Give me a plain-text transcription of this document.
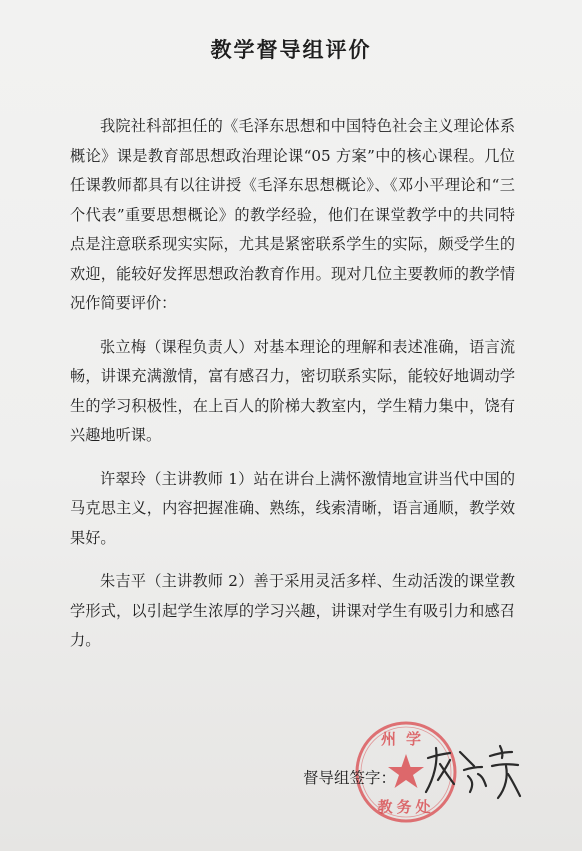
教学督导组评价

我院社科部担任的《毛泽东思想和中国特色社会主义理论体系概论》课是教育部思想政治理论课“05 方案”中的核心课程。几位任课教师都具有以往讲授《毛泽东思想概论》、《邓小平理论和“三个代表”重要思想概论》的教学经验，他们在课堂教学中的共同特点是注意联系现实实际，尤其是紧密联系学生的实际，颇受学生的欢迎，能较好发挥思想政治教育作用。现对几位主要教师的教学情况作简要评价：

张立梅（课程负责人）对基本理论的理解和表述准确，语言流畅，讲课充满激情，富有感召力，密切联系实际，能较好地调动学生的学习积极性，在上百人的阶梯大教室内，学生精力集中，饶有兴趣地听课。

许翠玲（主讲教师 1）站在讲台上满怀激情地宣讲当代中国的马克思主义，内容把握准确、熟练，线索清晰，语言通顺，教学效果好。

朱吉平（主讲教师 2）善于采用灵活多样、生动活泼的课堂教学形式，以引起学生浓厚的学习兴趣，讲课对学生有吸引力和感召力。

州学
教务处
督导组签字：
